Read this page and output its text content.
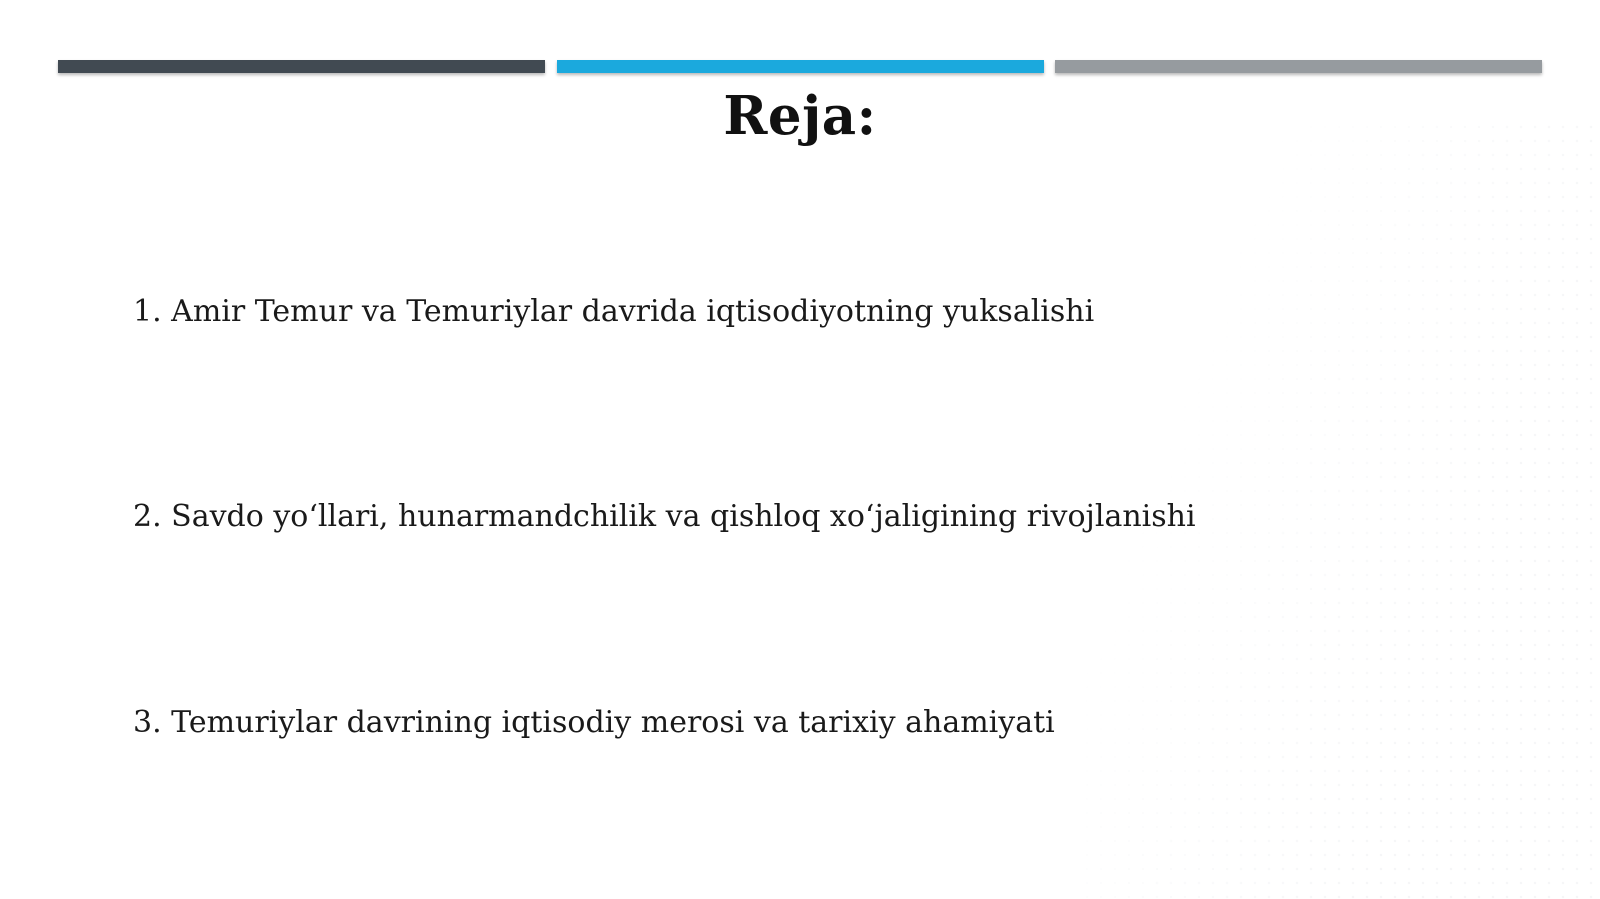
Reja:
1. Amir Temur va Temuriylar davrida iqtisodiyotning yuksalishi
2. Savdo yo‘llari, hunarmandchilik va qishloq xo‘jaligining rivojlanishi
3. Temuriylar davrining iqtisodiy merosi va tarixiy ahamiyati
